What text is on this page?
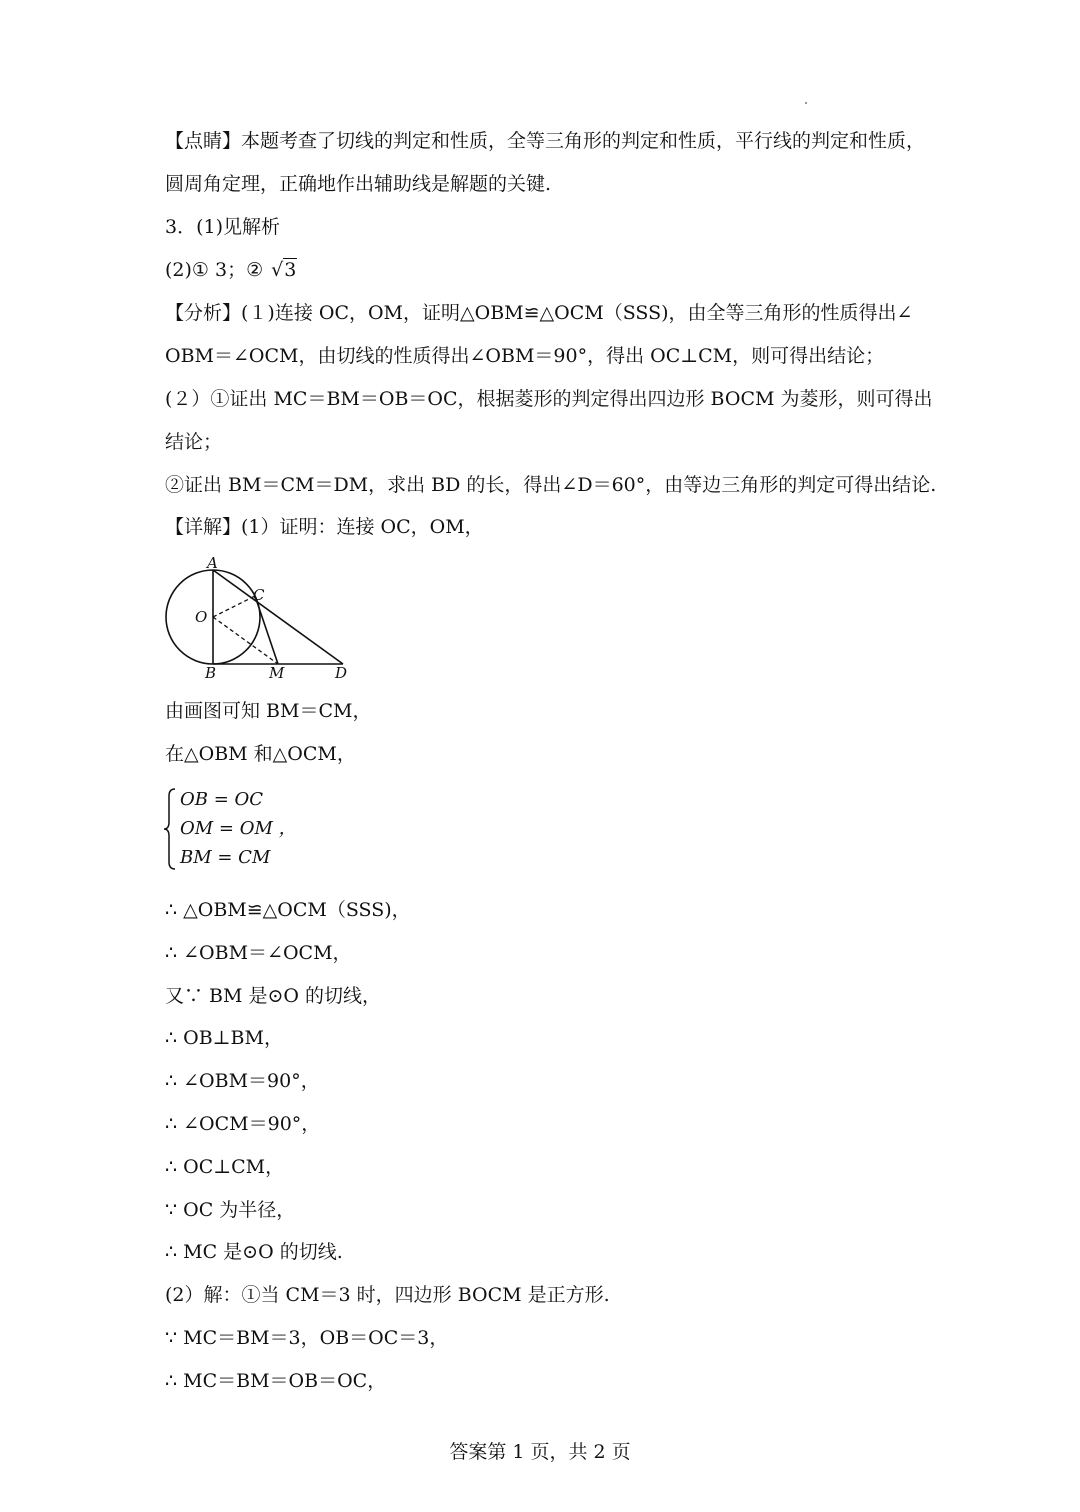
【点睛】本题考查了切线的判定和性质，全等三角形的判定和性质，平行线的判定和性质，
圆周角定理，正确地作出辅助线是解题的关键.
3．(1)见解析
(2)① 3；② √3
【分析】(１)连接 OC，OM，证明△OBM≌△OCM（SSS)，由全等三角形的性质得出∠
OBM＝∠OCM，由切线的性质得出∠OBM＝90°，得出 OC⊥CM，则可得出结论；
(２）①证出 MC＝BM＝OB＝OC，根据菱形的判定得出四边形 BOCM 为菱形，则可得出
结论；
②证出 BM＝CM＝DM，求出 BD 的长，得出∠D＝60°，由等边三角形的判定可得出结论.
【详解】(1）证明：连接 OC，OM，
A
C
O
B	M	D
由画图可知 BM＝CM，
在△OBM 和△OCM，
OB = OC
OM = OM ，
BM = CM
∴ △OBM≌△OCM（SSS)，
∴ ∠OBM＝∠OCM，
又∵ BM 是⊙O 的切线，
∴ OB⊥BM，
∴ ∠OBM＝90°，
∴ ∠OCM＝90°，
∴ OC⊥CM，
∵ OC 为半径，
∴ MC 是⊙O 的切线.
(2）解：①当 CM＝3 时，四边形 BOCM 是正方形.
∵ MC＝BM＝3，OB＝OC＝3，
∴ MC＝BM＝OB＝OC，
答案第 1 页，共 2 页
